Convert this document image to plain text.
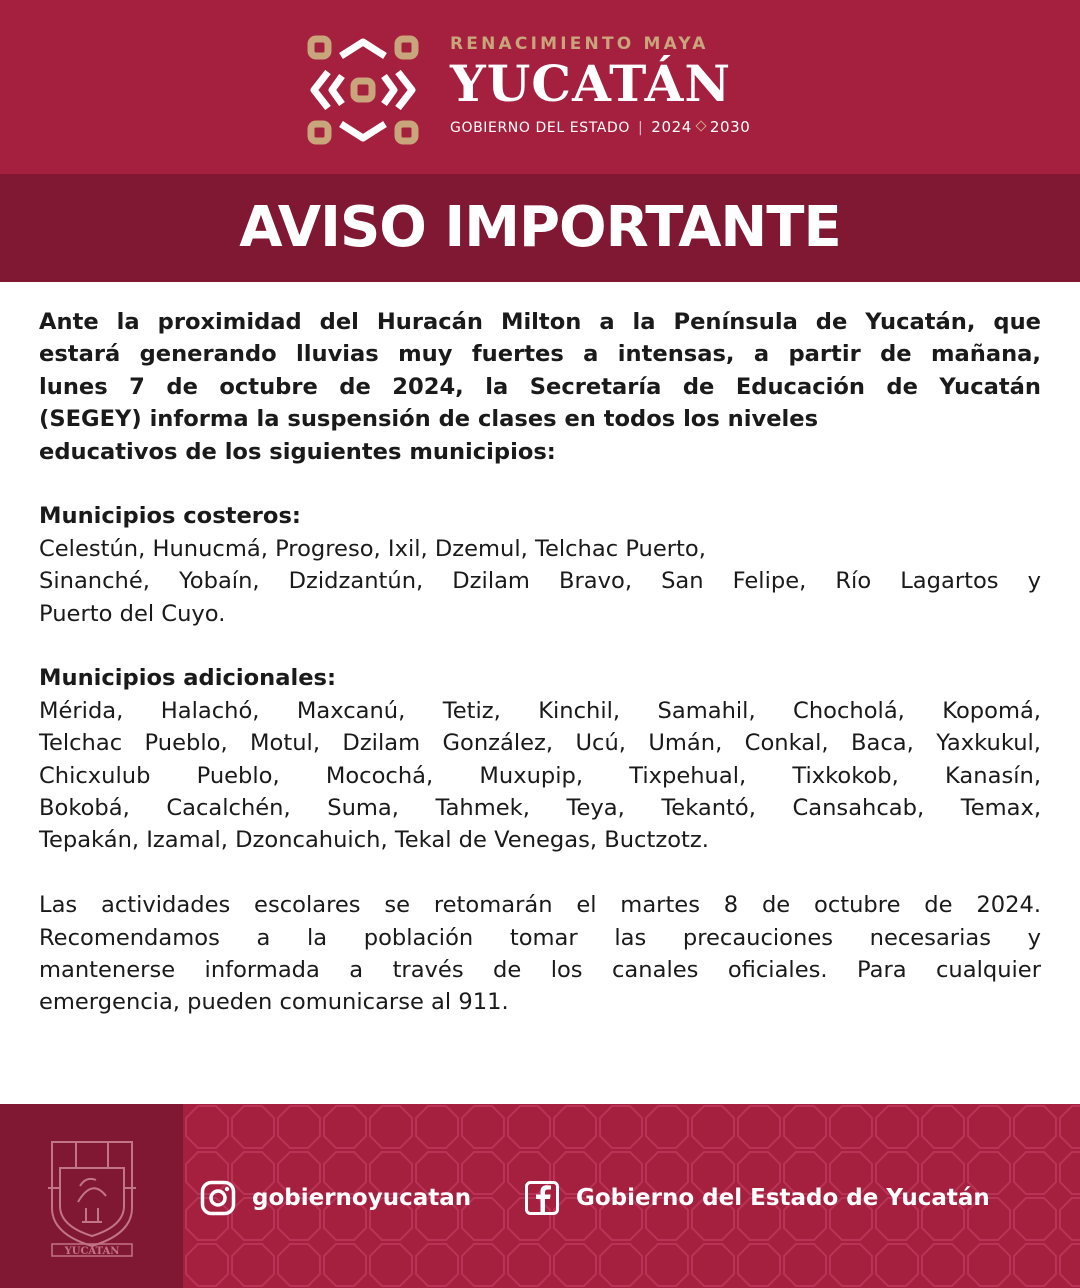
RENACIMIENTO MAYA
YUCATÁN
GOBIERNO DEL ESTADO | 2024 2030
AVISO IMPORTANTE

Ante la proximidad del Huracán Milton a la Península de Yucatán, que

estará generando lluvias muy fuertes a intensas, a partir de mañana,

lunes 7 de octubre de 2024, la Secretaría de Educación de Yucatán

(SEGEY) informa la suspensión de clases en todos los niveles

educativos de los siguientes municipios:

Municipios costeros:

Celestún, Hunucmá, Progreso, Ixil, Dzemul, Telchac Puerto,

Sinanché, Yobaín, Dzidzantún, Dzilam Bravo, San Felipe, Río Lagartos y

Puerto del Cuyo.

Municipios adicionales:

Mérida, Halachó, Maxcanú, Tetiz, Kinchil, Samahil, Chocholá, Kopomá,

Telchac Pueblo, Motul, Dzilam González, Ucú, Umán, Conkal, Baca, Yaxkukul,

Chicxulub Pueblo, Mocochá, Muxupip, Tixpehual, Tixkokob, Kanasín,

Bokobá, Cacalchén, Suma, Tahmek, Teya, Tekantó, Cansahcab, Temax,

Tepakán, Izamal, Dzoncahuich, Tekal de Venegas, Buctzotz.

Las actividades escolares se retomarán el martes 8 de octubre de 2024.

Recomendamos a la población tomar las precauciones necesarias y

mantenerse informada a través de los canales oficiales. Para cualquier

emergencia, pueden comunicarse al 911.

YUCATAN
gobiernoyucatan	Gobierno del Estado de Yucatán
